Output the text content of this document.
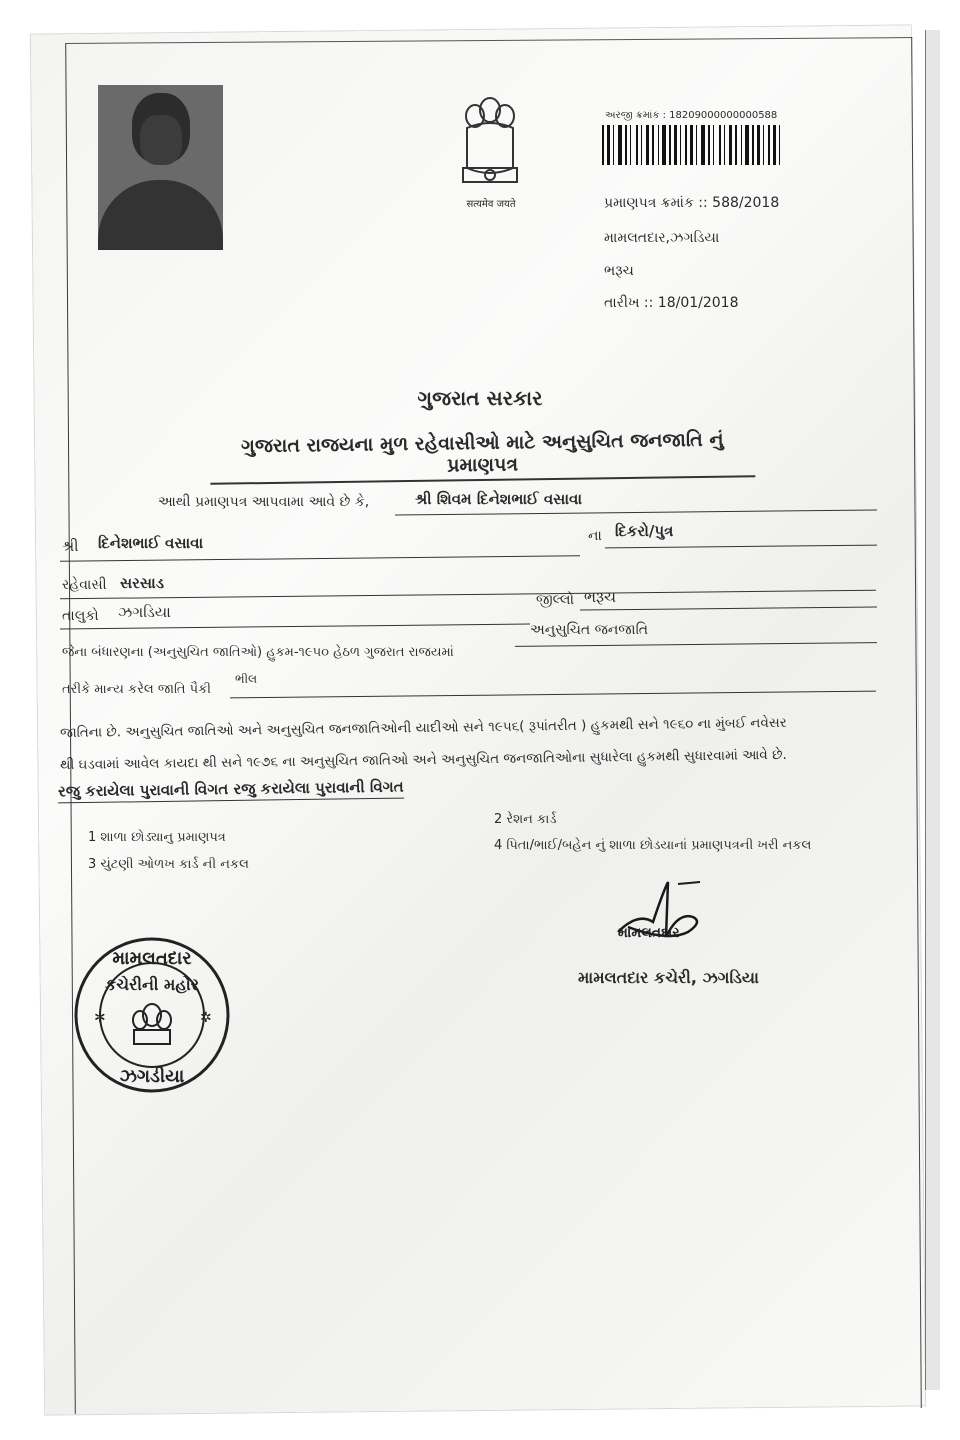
सत्यमेव जयते
અરજી ક્રમાંક : 18209000000000588
પ્રમાણપત્ર ક્રમાંક :: 588/2018
મામલતદાર,ઝગડિયા
ભરૂચ
તારીખ :: 18/01/2018
ગુજરાત સરકાર
ગુજરાત રાજયના મુળ રહેવાસીઓ માટે અનુસુચિત જનજાતિ નું પ્રમાણપત્ર
આથી પ્રમાણપત્ર આપવામા આવે છે કે,	શ્રી શિવમ દિનેશભાઈ વસાવા
શ્રી દિનેશભાઈ વસાવા	ના દિકરો/પુત્ર
રહેવાસી સરસાડ
તાલુકો ઝગડિયા
જીલ્લો ભરૂચ
જેના બંધારણના (અનુસુચિત જાતિઓ) હુકમ-૧૯૫૦ હેઠળ ગુજરાત રાજયમાં
અનુસુચિત જનજાતિ
તરીકે માન્ય કરેલ જાતિ પૈકી
ભીલ
જાતિના છે. અનુસુચિત જાતિઓ અને અનુસુચિત જનજાતિઓની યાદીઓ સને ૧૯૫૬( રૂપાંતરીત ) હુકમથી સને ૧૯૬૦ ના મુંબઈ નવેસર
થી ઘડવામાં આવેલ કાયદા થી સને ૧૯૭૬ ના અનુસુચિત જાતિઓ અને અનુસુચિત જનજાતિઓના સુધારેલા હુકમથી સુધારવામાં આવે છે.
રજુ કરાયેલા પુરાવાની વિગત રજુ કરાયેલા પુરાવાની વિગત
1 શાળા છોડ્યાનુ પ્રમાણપત્ર
2 રેશન કાર્ડ
3 ચુંટણી ઓળખ કાર્ડ ની નકલ
4 પિતા/ભાઈ/બહેન નું શાળા છોડયાનાં પ્રમાણપત્રની ખરી નકલ
મામલતદાર
મામલતદાર કચેરી, ઝગડિયા
મામલતદાર
કચેરીની મહોર
ઝગડીયા
✲	✲
